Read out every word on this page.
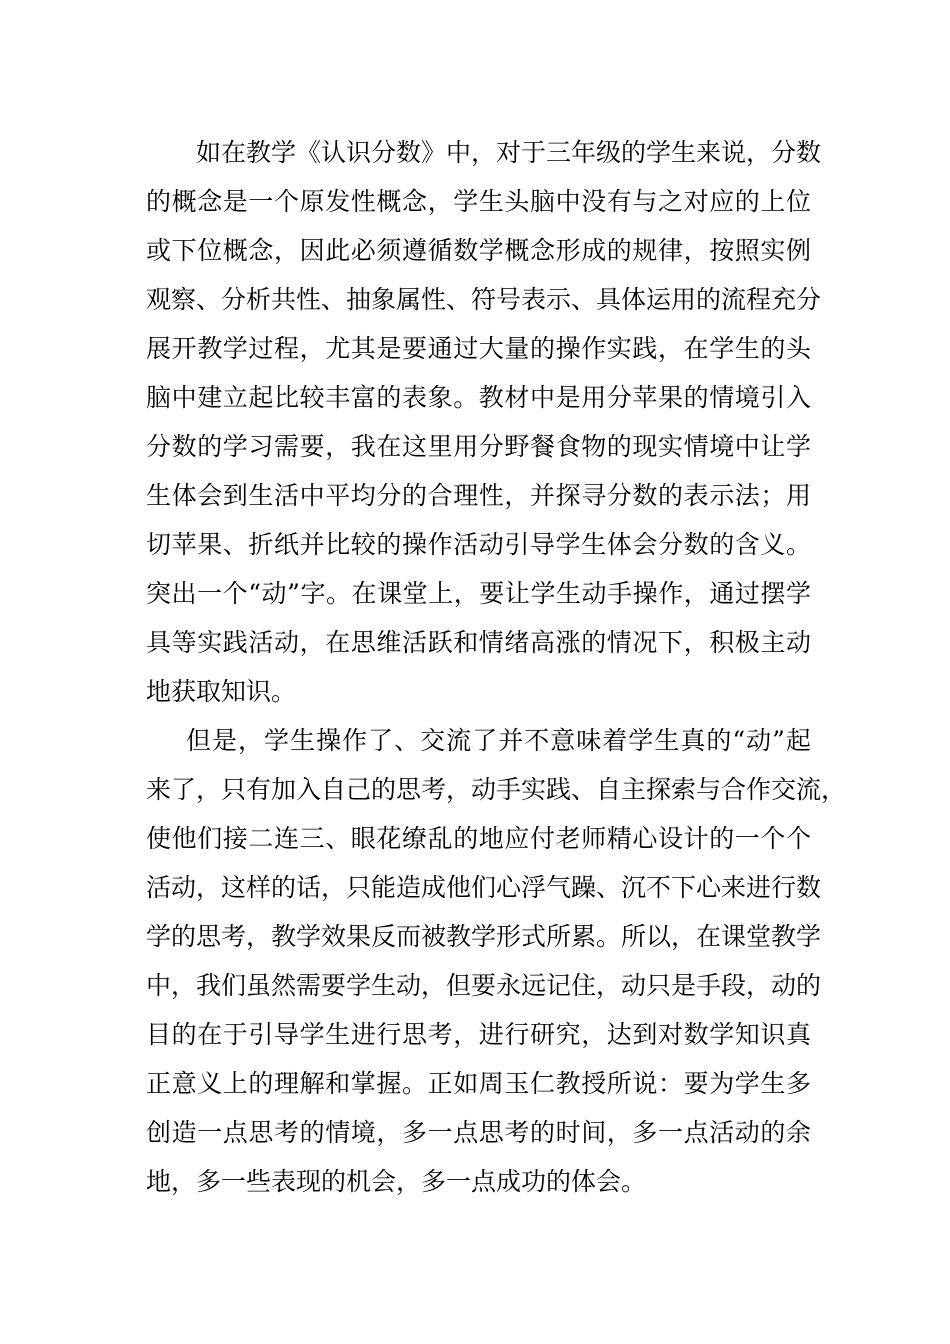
如在教学《认识分数》中，对于三年级的学生来说，分数
的概念是一个原发性概念，学生头脑中没有与之对应的上位
或下位概念，因此必须遵循数学概念形成的规律，按照实例
观察、分析共性、抽象属性、符号表示、具体运用的流程充分
展开教学过程，尤其是要通过大量的操作实践，在学生的头
脑中建立起比较丰富的表象。教材中是用分苹果的情境引入
分数的学习需要，我在这里用分野餐食物的现实情境中让学
生体会到生活中平均分的合理性，并探寻分数的表示法；用
切苹果、折纸并比较的操作活动引导学生体会分数的含义。
突出一个“动”字。在课堂上，要让学生动手操作，通过摆学
具等实践活动，在思维活跃和情绪高涨的情况下，积极主动
地获取知识。
但是，学生操作了、交流了并不意味着学生真的“动”起
来了，只有加入自己的思考，动手实践、自主探索与合作交流，
使他们接二连三、眼花缭乱的地应付老师精心设计的一个个
活动，这样的话，只能造成他们心浮气躁、沉不下心来进行数
学的思考，教学效果反而被教学形式所累。所以，在课堂教学
中，我们虽然需要学生动，但要永远记住，动只是手段，动的
目的在于引导学生进行思考，进行研究，达到对数学知识真
正意义上的理解和掌握。正如周玉仁教授所说：要为学生多
创造一点思考的情境，多一点思考的时间，多一点活动的余
地，多一些表现的机会，多一点成功的体会。
